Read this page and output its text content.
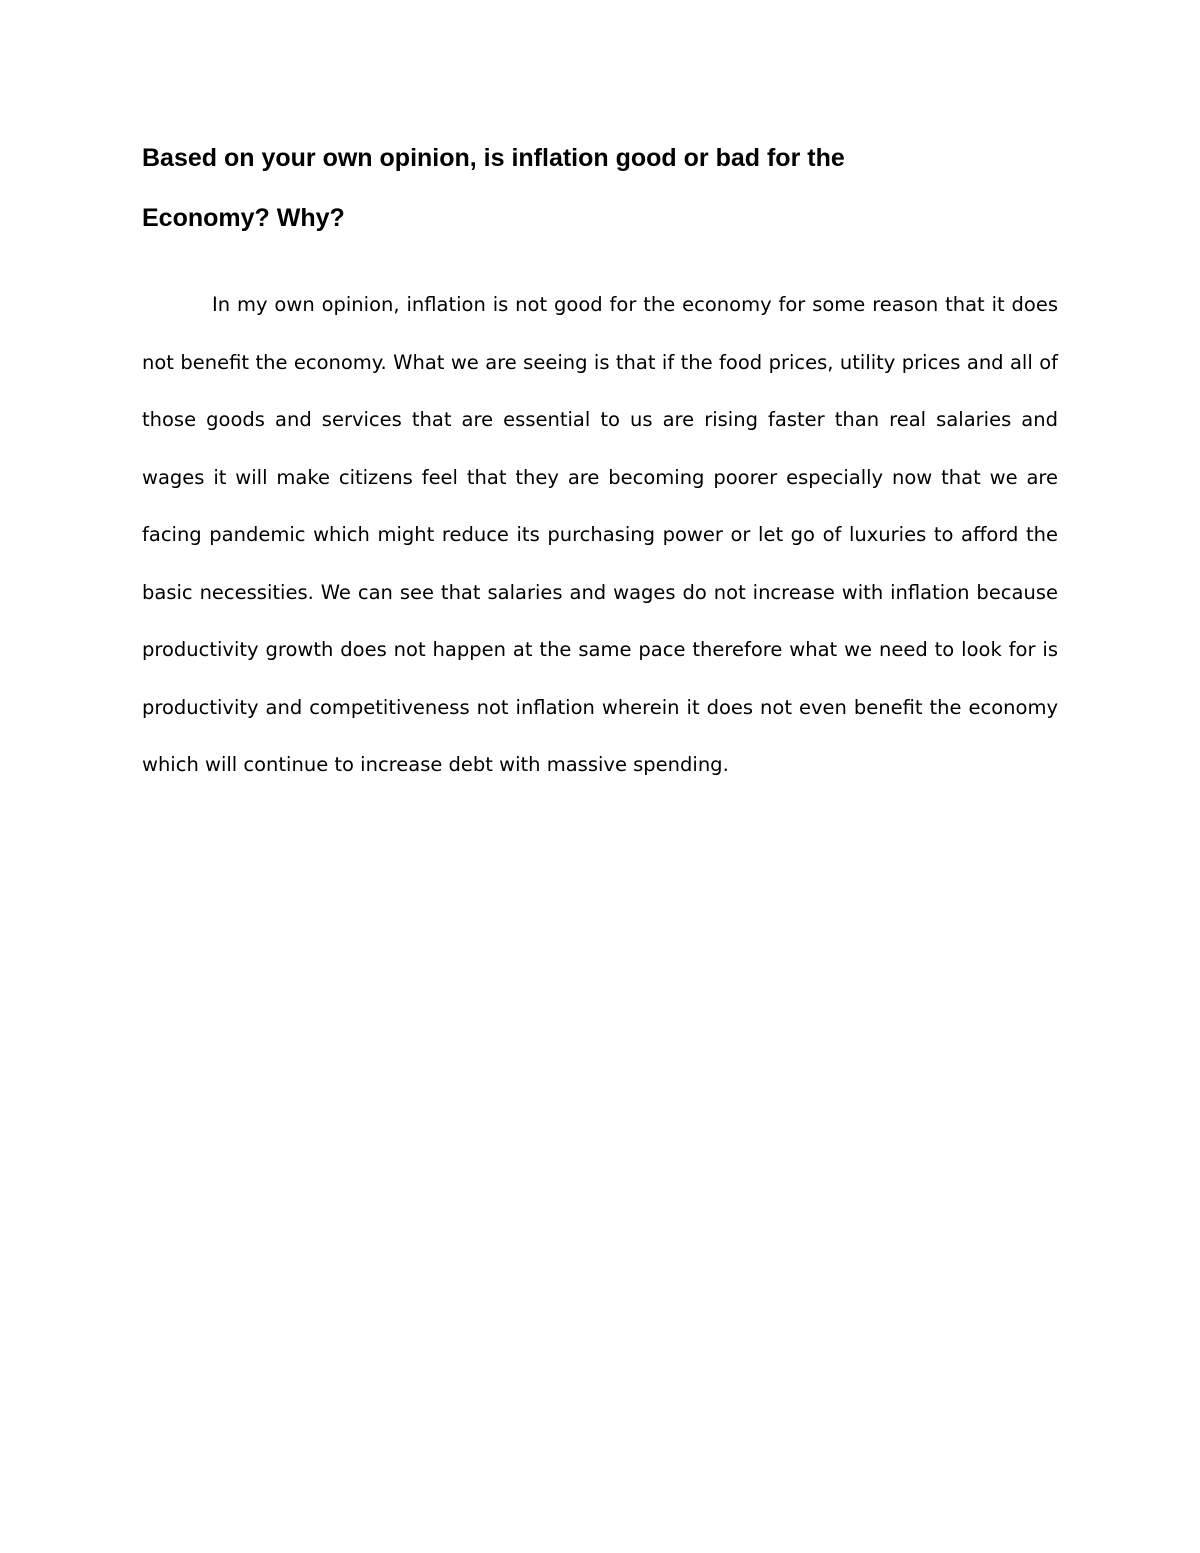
Based on your own opinion, is inflation good or bad for the
Economy? Why?

In my own opinion, inflation is not good for the economy for some reason that it does not benefit the economy. What we are seeing is that if the food prices, utility prices and all of those goods and services that are essential to us are rising faster than real salaries and wages it will make citizens feel that they are becoming poorer especially now that we are facing pandemic which might reduce its purchasing power or let go of luxuries to afford the basic necessities. We can see that salaries and wages do not increase with inflation because productivity growth does not happen at the same pace therefore what we need to look for is productivity and competitiveness not inflation wherein it does not even benefit the economy which will continue to increase debt with massive spending.
